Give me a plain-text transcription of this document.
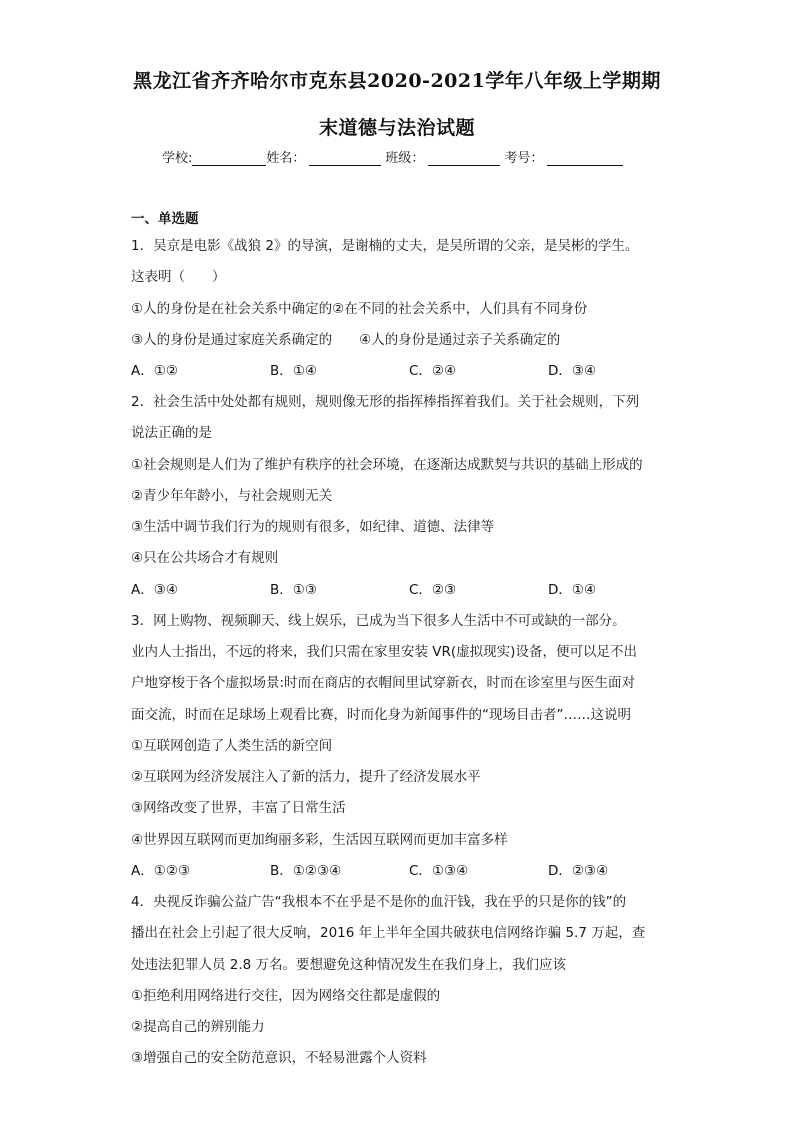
黑龙江省齐齐哈尔市克东县2020-2021学年八年级上学期期
末道德与法治试题
学校:	姓名：	班级：	考号：
一、单选题
1．吴京是电影《战狼 2》的导演，是谢楠的丈夫，是吴所谓的父亲，是吴彬的学生。
这表明（　　）
①人的身份是在社会关系中确定的②在不同的社会关系中，人们具有不同身份
③人的身份是通过家庭关系确定的　　④人的身份是通过亲子关系确定的
A．①②	B．①④	C．②④	D．③④
2．社会生活中处处都有规则，规则像无形的指挥棒指挥着我们。关于社会规则，下列
说法正确的是
①社会规则是人们为了维护有秩序的社会环境，在逐渐达成默契与共识的基础上形成的
②青少年年龄小，与社会规则无关
③生活中调节我们行为的规则有很多，如纪律、道德、法律等
④只在公共场合才有规则
A．③④	B．①③	C．②③	D．①④
3．网上购物、视频聊天、线上娱乐，已成为当下很多人生活中不可或缺的一部分。
业内人士指出，不远的将来，我们只需在家里安装 VR(虚拟现实)设备，便可以足不出
户地穿梭于各个虚拟场景:时而在商店的衣帽间里试穿新衣，时而在诊室里与医生面对
面交流，时而在足球场上观看比赛，时而化身为新闻事件的“现场目击者”……这说明
①互联网创造了人类生活的新空间
②互联网为经济发展注入了新的活力，提升了经济发展水平
③网络改变了世界，丰富了日常生活
④世界因互联网而更加绚丽多彩，生活因互联网而更加丰富多样
A．①②③	B．①②③④	C．①③④	D．②③④
4．央视反诈骗公益广告“我根本不在乎是不是你的血汗钱，我在乎的只是你的钱”的
播出在社会上引起了很大反响，2016 年上半年全国共破获电信网络诈骗 5.7 万起，查
处违法犯罪人员 2.8 万名。要想避免这种情况发生在我们身上，我们应该
①拒绝利用网络进行交往，因为网络交往都是虚假的
②提高自己的辨别能力
③增强自己的安全防范意识，不轻易泄露个人资料
